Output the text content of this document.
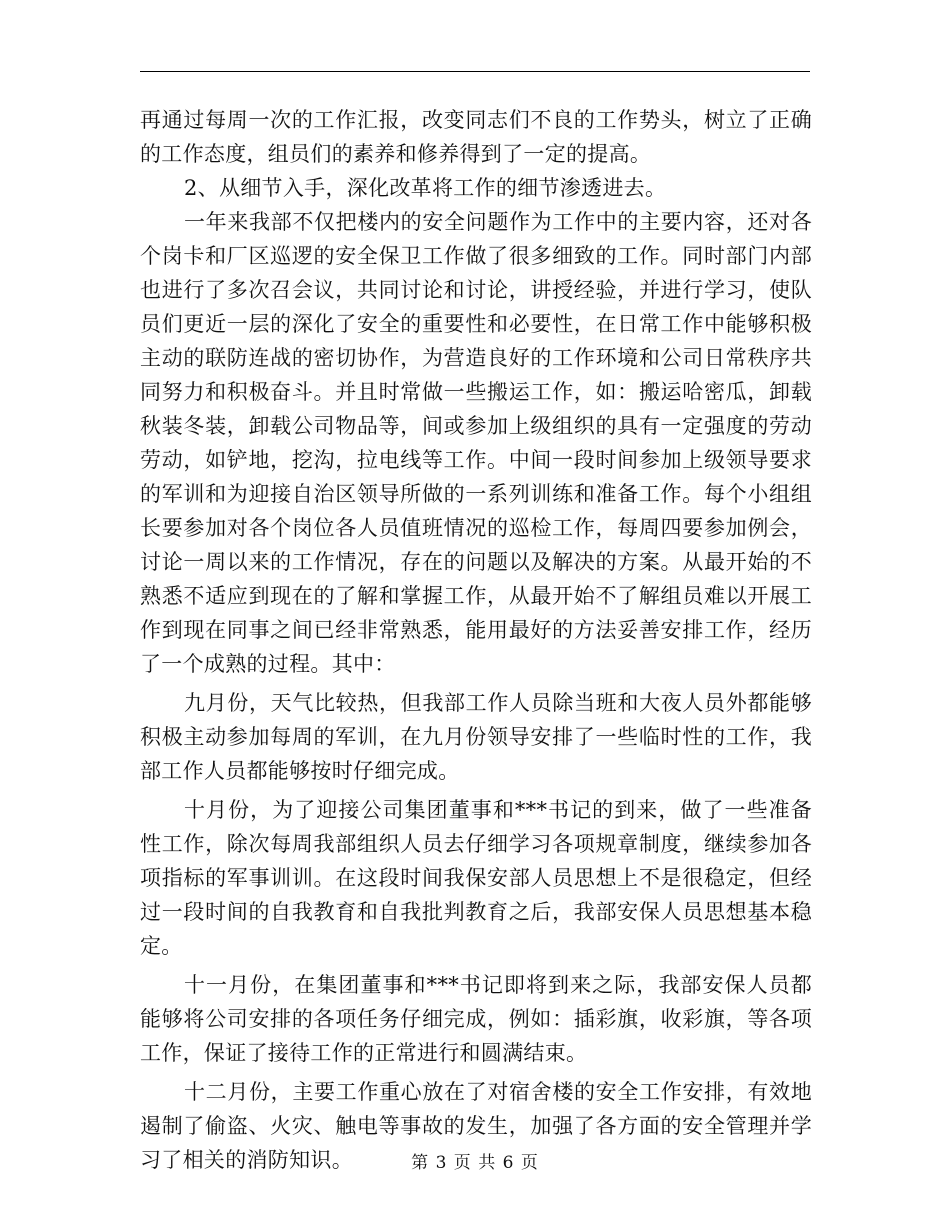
再通过每周一次的工作汇报，改变同志们不良的工作势头，树立了正确的工作态度，组员们的素养和修养得到了一定的提高。

2、从细节入手，深化改革将工作的细节渗透进去。

一年来我部不仅把楼内的安全问题作为工作中的主要内容，还对各个岗卡和厂区巡逻的安全保卫工作做了很多细致的工作。同时部门内部也进行了多次召会议，共同讨论和讨论，讲授经验，并进行学习，使队员们更近一层的深化了安全的重要性和必要性，在日常工作中能够积极主动的联防连战的密切协作，为营造良好的工作环境和公司日常秩序共同努力和积极奋斗。并且时常做一些搬运工作，如：搬运哈密瓜，卸载秋装冬装，卸载公司物品等，间或参加上级组织的具有一定强度的劳动劳动，如铲地，挖沟，拉电线等工作。中间一段时间参加上级领导要求的军训和为迎接自治区领导所做的一系列训练和准备工作。每个小组组长要参加对各个岗位各人员值班情况的巡检工作，每周四要参加例会，讨论一周以来的工作情况，存在的问题以及解决的方案。从最开始的不熟悉不适应到现在的了解和掌握工作，从最开始不了解组员难以开展工作到现在同事之间已经非常熟悉，能用最好的方法妥善安排工作，经历了一个成熟的过程。其中：

九月份，天气比较热，但我部工作人员除当班和大夜人员外都能够积极主动参加每周的军训，在九月份领导安排了一些临时性的工作，我部工作人员都能够按时仔细完成。

十月份，为了迎接公司集团董事和***书记的到来，做了一些准备性工作，除次每周我部组织人员去仔细学习各项规章制度，继续参加各项指标的军事训训。在这段时间我保安部人员思想上不是很稳定，但经过一段时间的自我教育和自我批判教育之后，我部安保人员思想基本稳定。

十一月份，在集团董事和***书记即将到来之际，我部安保人员都能够将公司安排的各项任务仔细完成，例如：插彩旗，收彩旗，等各项工作，保证了接待工作的正常进行和圆满结束。

十二月份，主要工作重心放在了对宿舍楼的安全工作安排，有效地遏制了偷盗、火灾、触电等事故的发生，加强了各方面的安全管理并学习了相关的消防知识。	第 3 页 共 6 页
